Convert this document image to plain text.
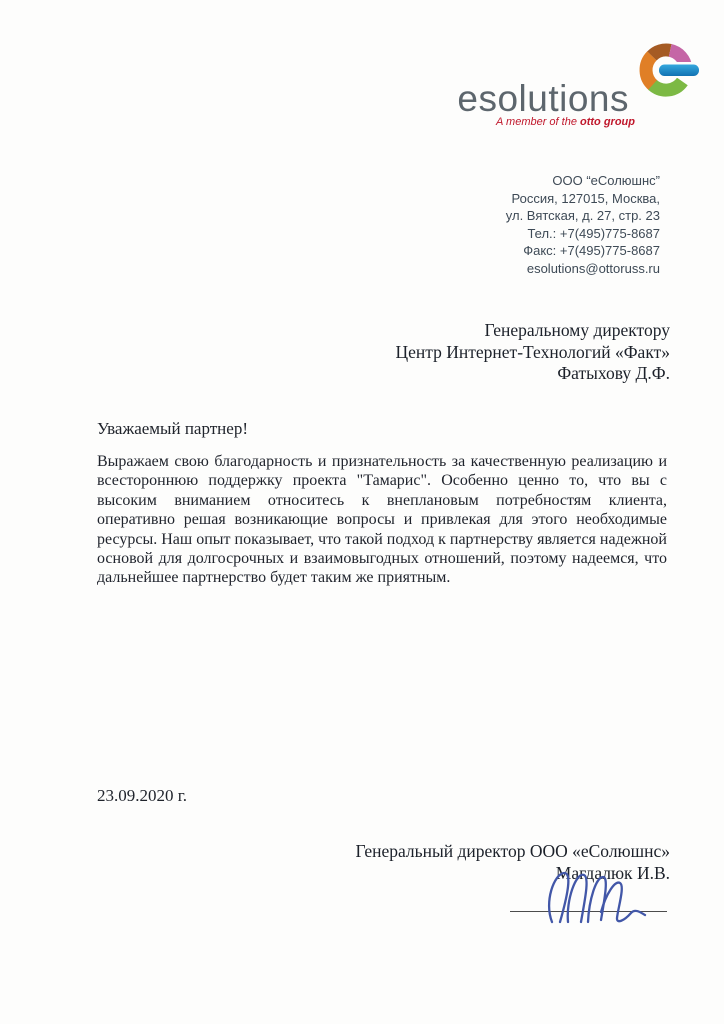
esolutions
A member of the otto group
ООО “еСолюшнс”
Россия, 127015, Москва,
ул. Вятская, д. 27, стр. 23
Тел.: +7(495)775-8687
Факс: +7(495)775-8687
esolutions@ottoruss.ru
Генеральному директору
Центр Интернет-Технологий «Факт»
Фатыхову Д.Ф.
Уважаемый партнер!
Выражаем свою благодарность и признательность за качественную реализацию и всестороннюю поддержку проекта "Тамарис". Особенно ценно то, что вы с высоким вниманием относитесь к внеплановым потребностям клиента, оперативно решая возникающие вопросы и привлекая для этого необходимые ресурсы. Наш опыт показывает, что такой подход к партнерству является надежной основой для долгосрочных и взаимовыгодных отношений, поэтому надеемся, что дальнейшее партнерство будет таким же приятным.
23.09.2020 г.
Генеральный директор ООО «еСолюшнс»
Магдалюк И.В.
